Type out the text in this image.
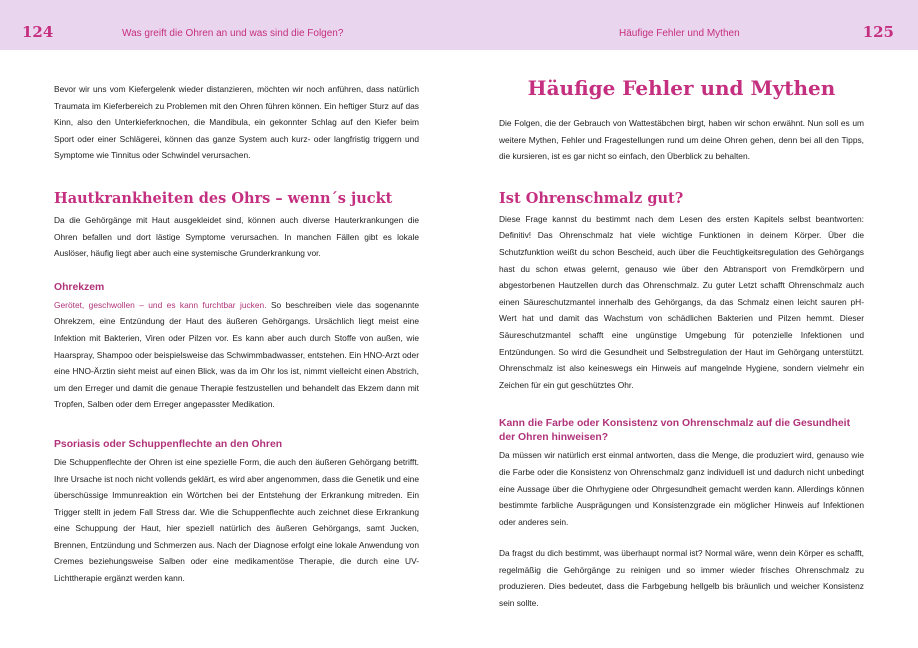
124	Was greift die Ohren an und was sind die Folgen?	Häufige Fehler und Mythen	125

Bevor wir uns vom Kiefergelenk wieder distanzieren, möchten wir noch anführen, dass natürlich Traumata im Kieferbereich zu Problemen mit den Ohren führen können. Ein heftiger Sturz auf das Kinn, also den Unterkieferknochen, die Mandibula, ein gekonnter Schlag auf den Kiefer beim Sport oder einer Schlägerei, können das ganze System auch kurz- oder langfristig triggern und Symptome wie Tinnitus oder Schwindel verursachen.

Hautkrankheiten des Ohrs – wenn´s juckt

Da die Gehörgänge mit Haut ausgekleidet sind, können auch diverse Hauterkrankungen die Ohren befallen und dort lästige Symptome verursachen. In manchen Fällen gibt es lokale Auslöser, häufig liegt aber auch eine systemische Grunderkrankung vor.

Ohrekzem

Gerötet, geschwollen – und es kann furchtbar jucken. So beschreiben viele das sogenannte Ohrekzem, eine Entzündung der Haut des äußeren Gehörgangs. Ursächlich liegt meist eine Infektion mit Bakterien, Viren oder Pilzen vor. Es kann aber auch durch Stoffe von außen, wie Haarspray, Shampoo oder beispielsweise das Schwimmbadwasser, entstehen. Ein HNO-Arzt oder eine HNO-Ärztin sieht meist auf einen Blick, was da im Ohr los ist, nimmt vielleicht einen Abstrich, um den Erreger und damit die genaue Therapie festzustellen und behandelt das Ekzem dann mit Tropfen, Salben oder dem Erreger angepasster Medikation.

Psoriasis oder Schuppenflechte an den Ohren

Die Schuppenflechte der Ohren ist eine spezielle Form, die auch den äußeren Gehörgang betrifft. Ihre Ursache ist noch nicht vollends geklärt, es wird aber angenommen, dass die Genetik und eine überschüssige Immunreaktion ein Wörtchen bei der Entstehung der Erkrankung mitreden. Ein Trigger stellt in jedem Fall Stress dar. Wie die Schuppenflechte auch zeichnet diese Erkrankung eine Schuppung der Haut, hier speziell natürlich des äußeren Gehörgangs, samt Jucken, Brennen, Entzündung und Schmerzen aus. Nach der Diagnose erfolgt eine lokale Anwendung von Cremes beziehungsweise Salben oder eine medikamentöse Therapie, die durch eine UV-Lichttherapie ergänzt werden kann.

Häufige Fehler und Mythen

Die Folgen, die der Gebrauch von Wattestäbchen birgt, haben wir schon erwähnt. Nun soll es um weitere Mythen, Fehler und Fragestellungen rund um deine Ohren gehen, denn bei all den Tipps, die kursieren, ist es gar nicht so einfach, den Überblick zu behalten.

Ist Ohrenschmalz gut?

Diese Frage kannst du bestimmt nach dem Lesen des ersten Kapitels selbst beantworten: Definitiv! Das Ohrenschmalz hat viele wichtige Funktionen in deinem Körper. Über die Schutzfunktion weißt du schon Bescheid, auch über die Feuchtigkeitsregulation des Gehörgangs hast du schon etwas gelernt, genauso wie über den Abtransport von Fremdkörpern und abgestorbenen Hautzellen durch das Ohrenschmalz. Zu guter Letzt schafft Ohrenschmalz auch einen Säureschutzmantel innerhalb des Gehörgangs, da das Schmalz einen leicht sauren pH-Wert hat und damit das Wachstum von schädlichen Bakterien und Pilzen hemmt. Dieser Säureschutzmantel schafft eine ungünstige Umgebung für potenzielle Infektionen und Entzündungen. So wird die Gesundheit und Selbstregulation der Haut im Gehörgang unterstützt. Ohrenschmalz ist also keineswegs ein Hinweis auf mangelnde Hygiene, sondern vielmehr ein Zeichen für ein gut geschütztes Ohr.

Kann die Farbe oder Konsistenz von Ohrenschmalz auf die Gesundheit der Ohren hinweisen?

Da müssen wir natürlich erst einmal antworten, dass die Menge, die produziert wird, genauso wie die Farbe oder die Konsistenz von Ohrenschmalz ganz individuell ist und dadurch nicht unbedingt eine Aussage über die Ohrhygiene oder Ohrgesundheit gemacht werden kann. Allerdings können bestimmte farbliche Ausprägungen und Konsistenzgrade ein möglicher Hinweis auf Infektionen oder anderes sein.

Da fragst du dich bestimmt, was überhaupt normal ist? Normal wäre, wenn dein Körper es schafft, regelmäßig die Gehörgänge zu reinigen und so immer wieder frisches Ohrenschmalz zu produzieren. Dies bedeutet, dass die Farbgebung hellgelb bis bräunlich und weicher Konsistenz sein sollte.
